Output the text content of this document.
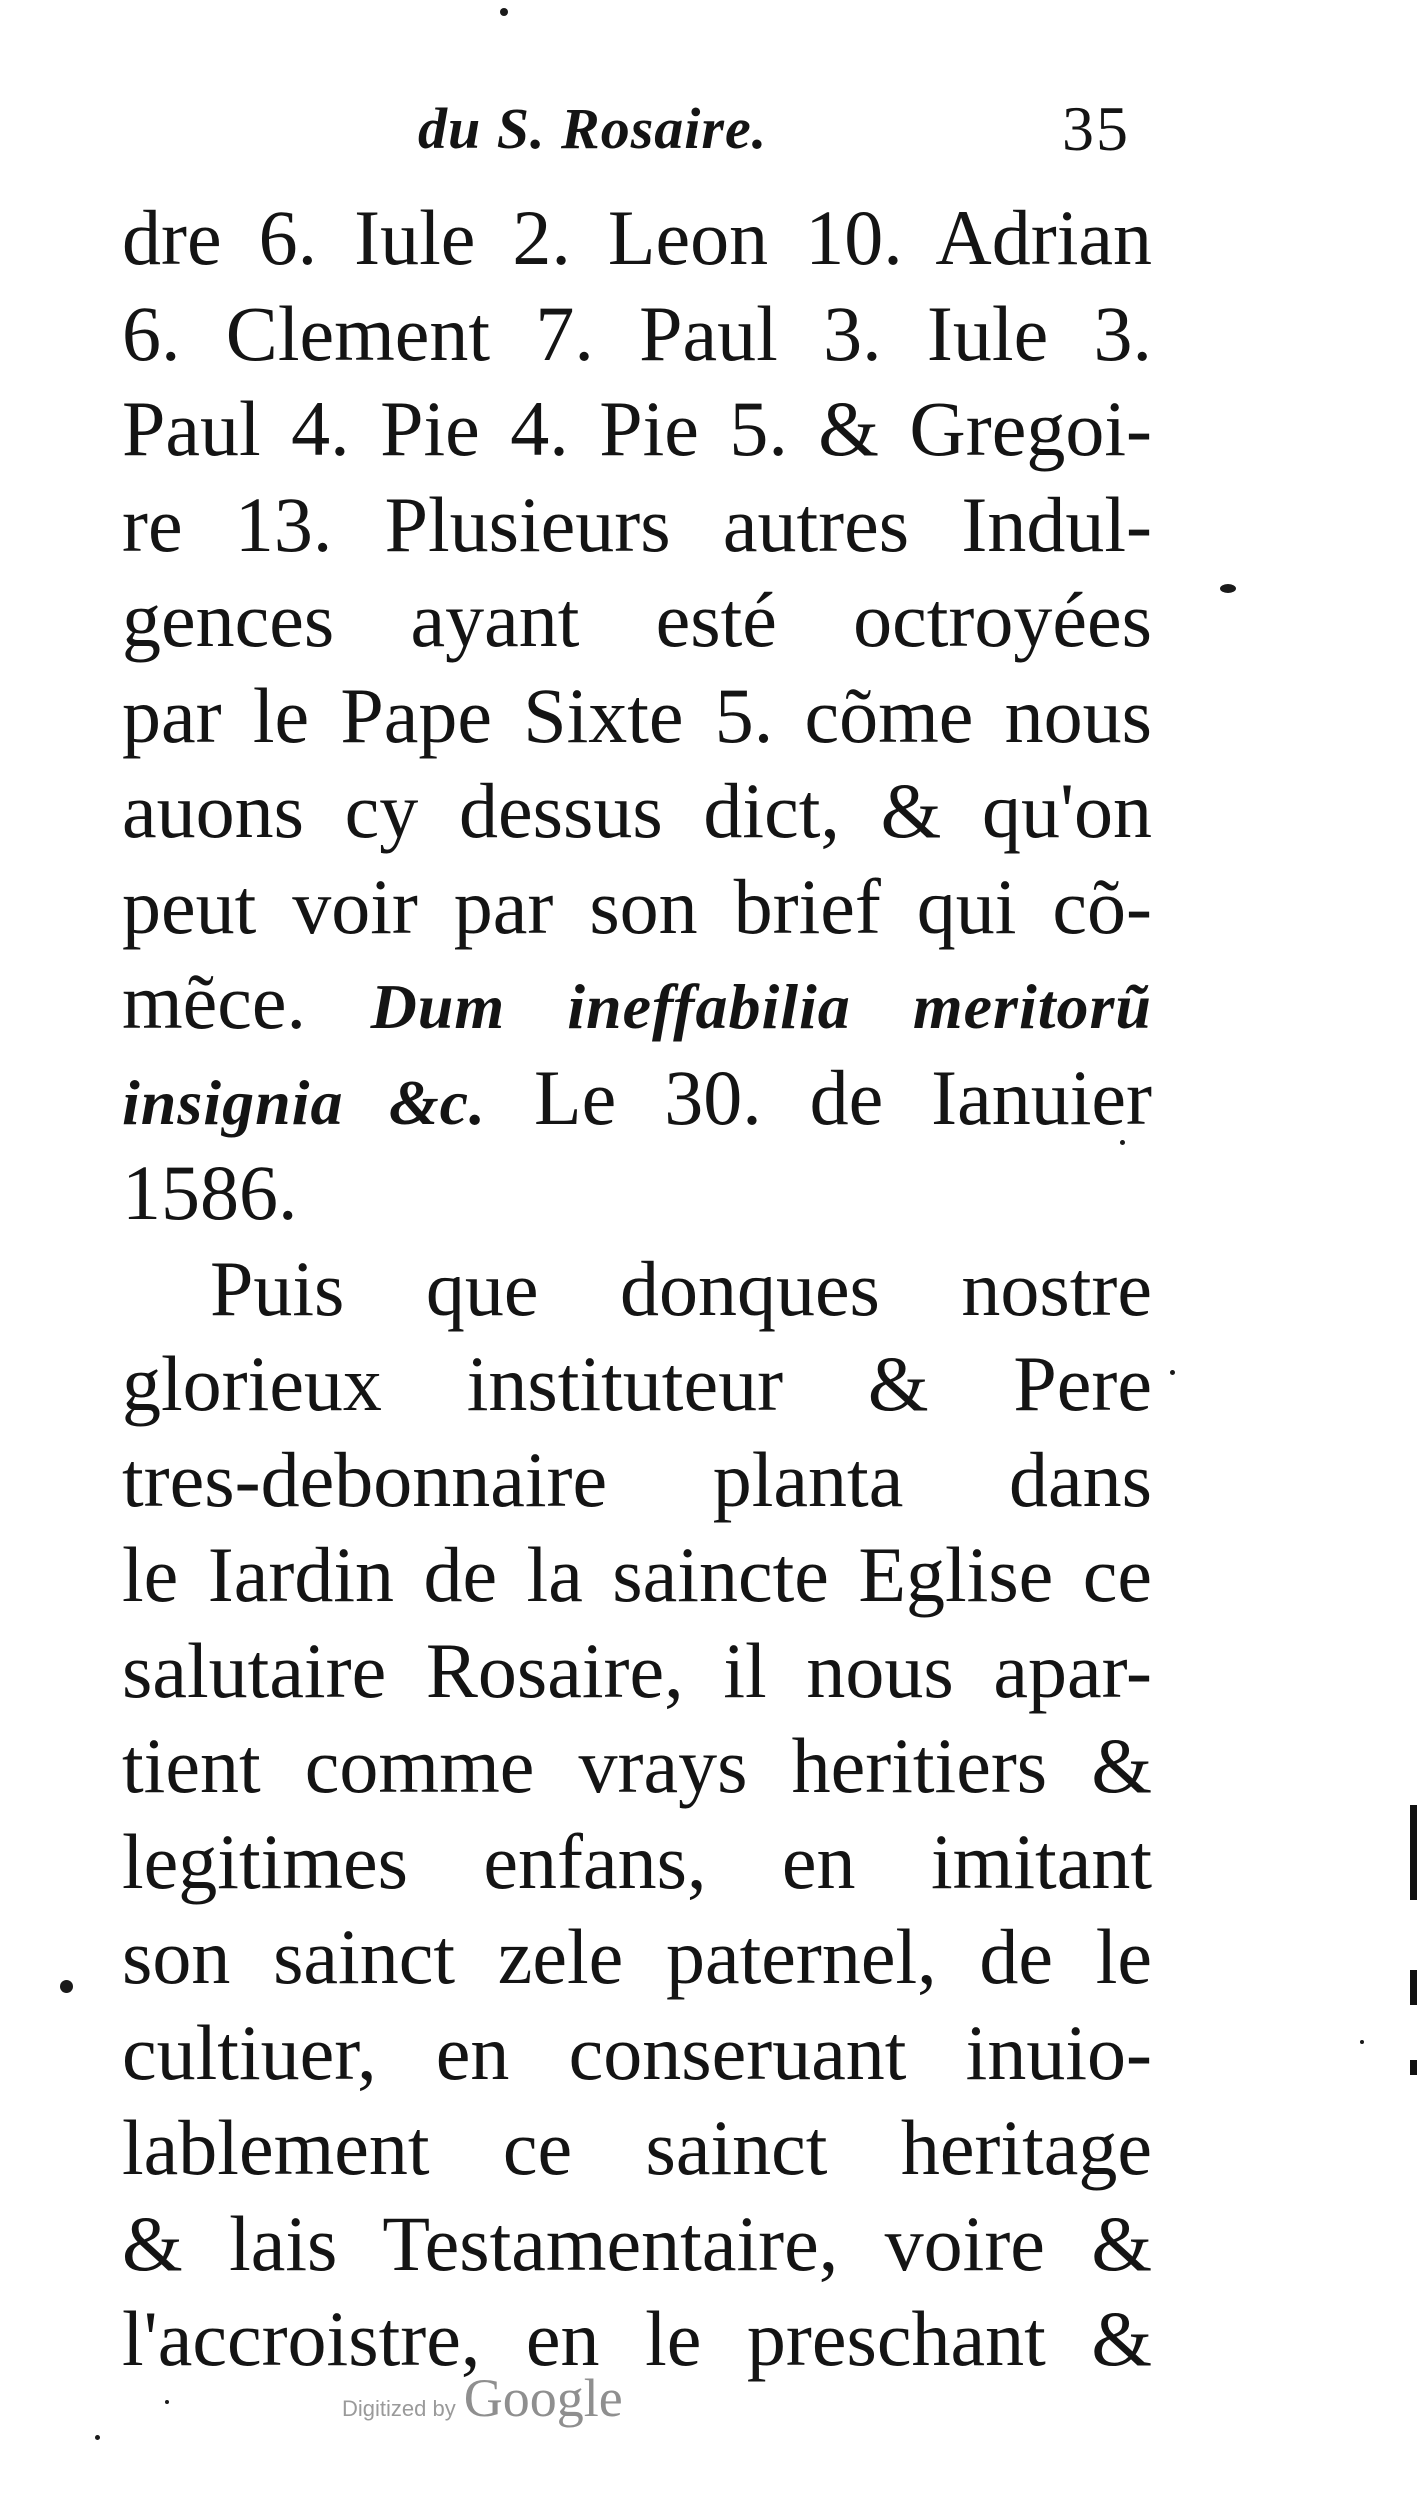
du S. Rosaire.	35
dre 6. Iule 2. Leon 10. Adrian
6. Clement 7. Paul 3. Iule 3.
Paul 4. Pie 4. Pie 5. & Gregoi-
re 13. Plusieurs autres Indul-
gences ayant esté octroyées
par le Pape Sixte 5. cõme nous
auons cy dessus dict, & qu'on
peut voir par son brief qui cõ-
mẽce. Dum ineffabilia meritorũ
insignia &c. Le 30. de Ianuier
1586.
Puis que donques nostre
glorieux instituteur & Pere
tres-debonnaire planta dans
le Iardin de la saincte Eglise ce
salutaire Rosaire, il nous apar-
tient comme vrays heritiers &
legitimes enfans, en imitant
son sainct zele paternel, de le
cultiuer, en conseruant inuio-
lablement ce sainct heritage
& lais Testamentaire, voire &
l'accroistre, en le preschant &
Digitized by Google
